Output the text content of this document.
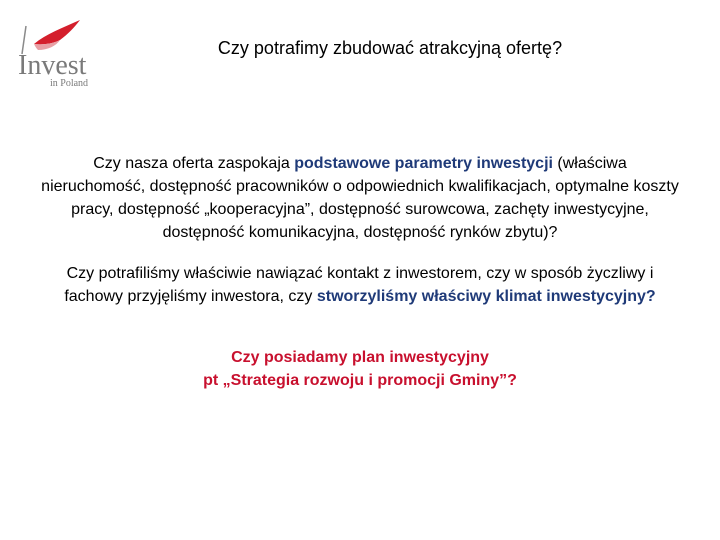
Invest
in Poland
Czy potrafimy zbudować atrakcyjną ofertę?
Czy nasza oferta zaspokaja podstawowe parametry inwestycji (właściwa nieruchomość, dostępność pracowników o odpowiednich kwalifikacjach, optymalne koszty pracy, dostępność „kooperacyjna”, dostępność surowcowa, zachęty inwestycyjne, dostępność komunikacyjna, dostępność rynków zbytu)?
Czy potrafiliśmy właściwie nawiązać kontakt z inwestorem, czy w sposób życzliwy i fachowy przyjęliśmy inwestora, czy stworzyliśmy właściwy klimat inwestycyjny?
Czy posiadamy plan inwestycyjny
pt „Strategia rozwoju i promocji Gminy”?
